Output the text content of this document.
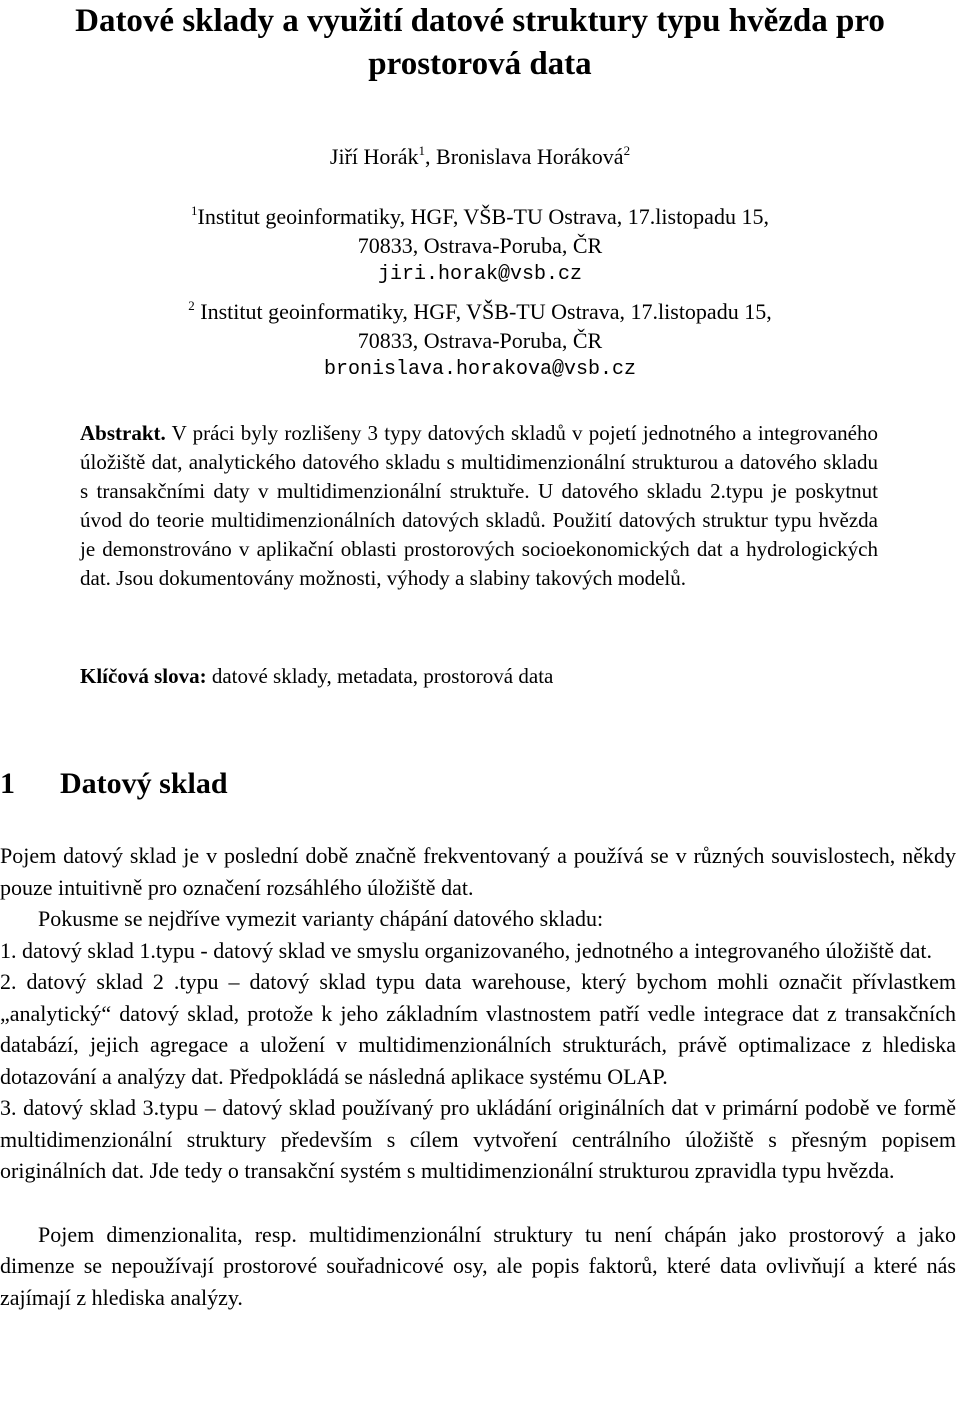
Datové sklady a využití datové struktury typu hvězda pro prostorová data
Jiří Horák$^1$, Bronislava Horáková$^2$
$^1$Institut geoinformatiky, HGF, VŠB-TU Ostrava, 17.listopadu 15,
70833, Ostrava-Poruba, ČR
jiri.horak@vsb.cz
$^2$ Institut geoinformatiky, HGF, VŠB-TU Ostrava, 17.listopadu 15,
70833, Ostrava-Poruba, ČR
bronislava.horakova@vsb.cz
Abstrakt. V práci byly rozlišeny 3 typy datových skladů v pojetí jednotného a integrovaného úložiště dat, analytického datového skladu s multidimenzionální strukturou a datového skladu s transakčními daty v multidimenzionální struktuře. U datového skladu 2.typu je poskytnut úvod do teorie multidimenzionálních datových skladů. Použití datových struktur typu hvězda je demonstrováno v aplikační oblasti prostorových socioekonomických dat a hydrologických dat. Jsou dokumentovány možnosti, výhody a slabiny takových modelů.
Klíčová slova: datové sklady, metadata, prostorová data
1 Datový sklad

Pojem datový sklad je v poslední době značně frekventovaný a používá se v různých souvislostech, někdy pouze intuitivně pro označení rozsáhlého úložiště dat.

Pokusme se nejdříve vymezit varianty chápání datového skladu:

1. datový sklad 1.typu - datový sklad ve smyslu organizovaného, jednotného a integrovaného úložiště dat.

2. datový sklad 2 .typu – datový sklad typu data warehouse, který bychom mohli označit přívlastkem „analytický“ datový sklad, protože k jeho základním vlastnostem patří vedle integrace dat z transakčních databází, jejich agregace a uložení v multidimenzionálních strukturách, právě optimalizace z hlediska dotazování a analýzy dat. Předpokládá se následná aplikace systému OLAP.

3. datový sklad 3.typu – datový sklad používaný pro ukládání originálních dat v primární podobě ve formě multidimenzionální struktury především s cílem vytvoření centrálního úložiště s přesným popisem originálních dat. Jde tedy o transakční systém s multidimenzionální strukturou zpravidla typu hvězda.

Pojem dimenzionalita, resp. multidimenzionální struktury tu není chápán jako prostorový a jako dimenze se nepoužívají prostorové souřadnicové osy, ale popis faktorů, které data ovlivňují a které nás zajímají z hlediska analýzy.
